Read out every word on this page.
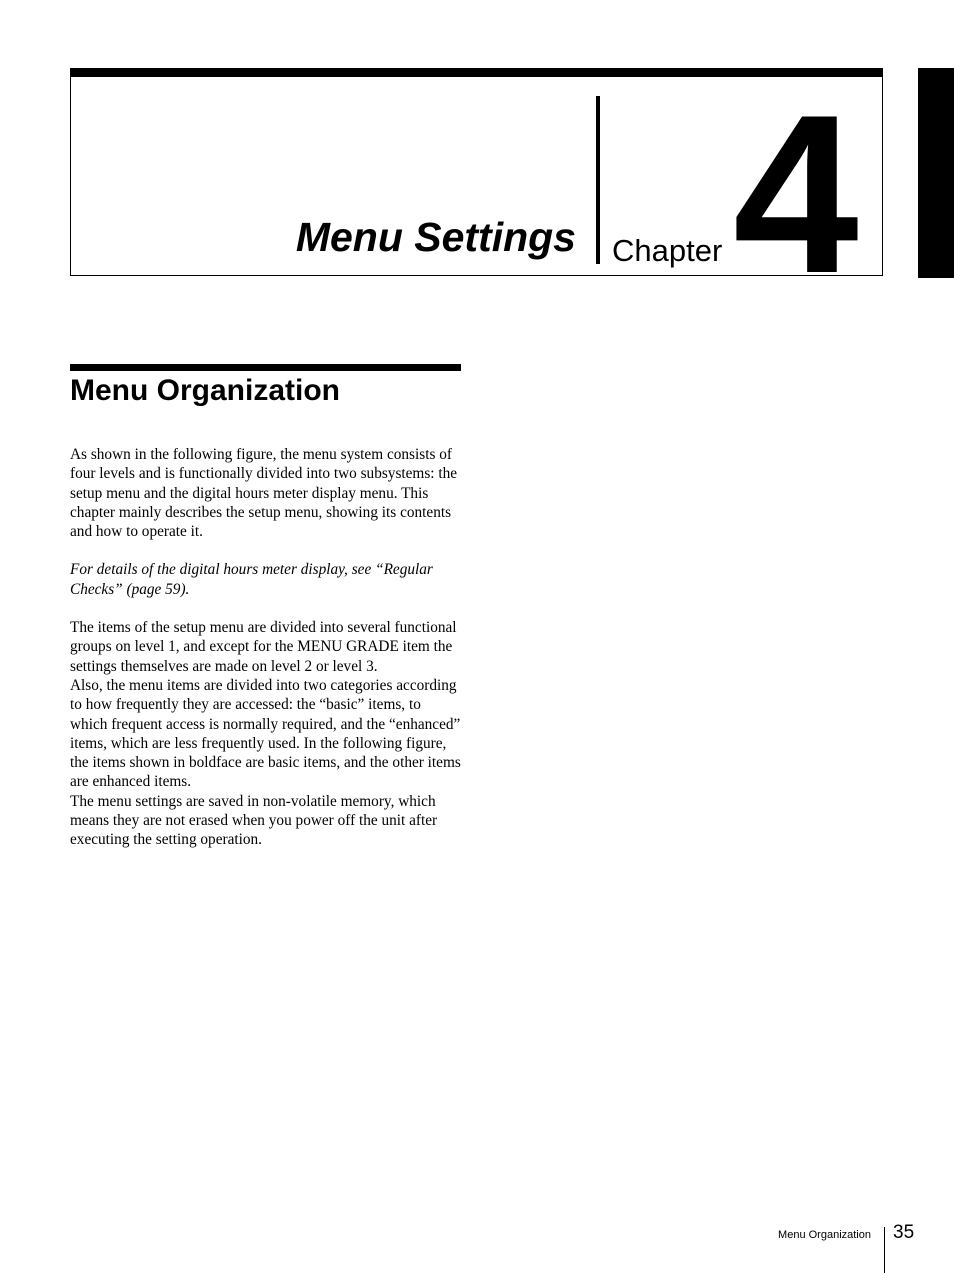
Menu Settings Chapter 4
Menu Organization

As shown in the following figure, the menu system consists of four levels and is functionally divided into two subsystems: the setup menu and the digital hours meter display menu. This chapter mainly describes the setup menu, showing its contents and how to operate it.

For details of the digital hours meter display, see “Regular Checks” (page 59).

The items of the setup menu are divided into several functional groups on level 1, and except for the MENU GRADE item the settings themselves are made on level 2 or level 3.

Also, the menu items are divided into two categories according to how frequently they are accessed: the “basic” items, to which frequent access is normally required, and the “enhanced” items, which are less frequently used. In the following figure, the items shown in boldface are basic items, and the other items are enhanced items.

The menu settings are saved in non-volatile memory, which means they are not erased when you power off the unit after executing the setting operation.

Menu Organization 35
